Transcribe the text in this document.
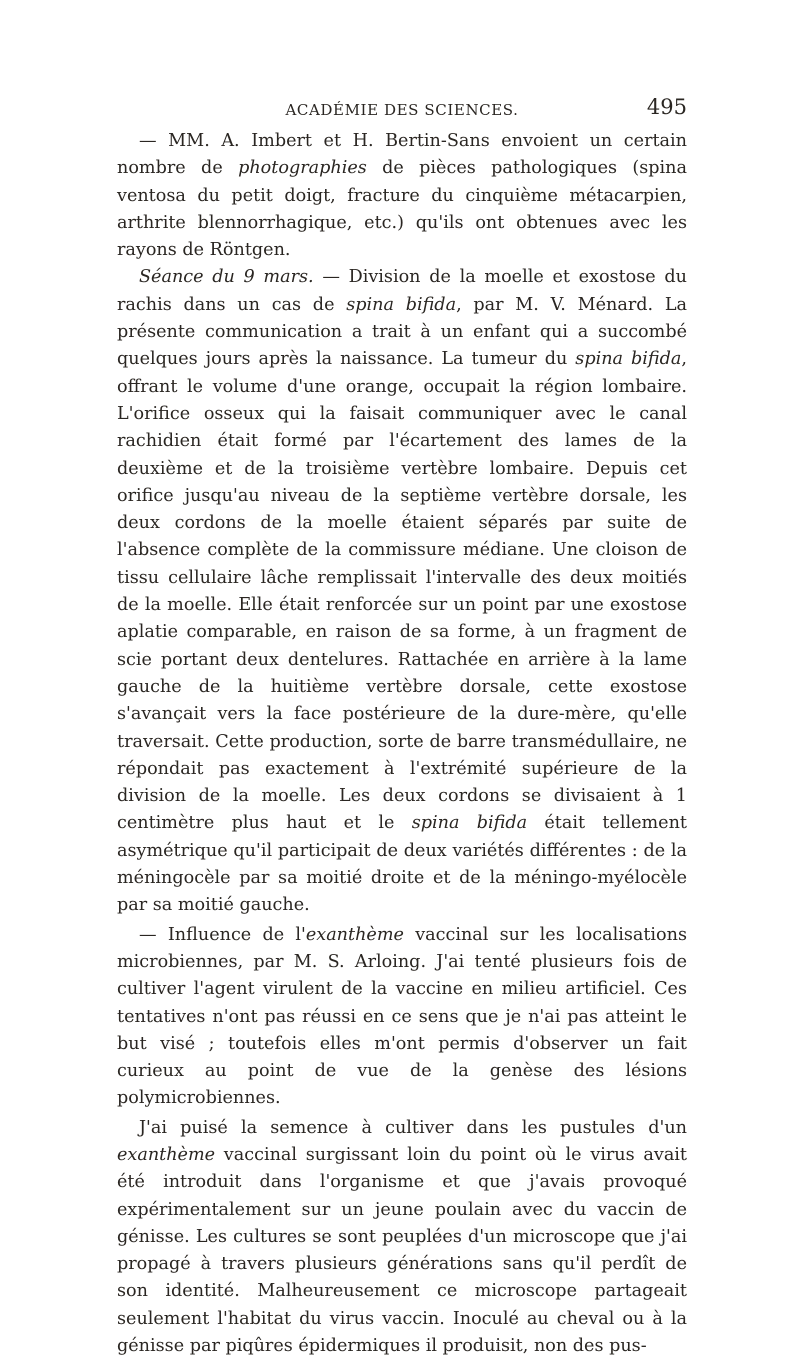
ACADÉMIE DES SCIENCES.	495

— MM. A. Imbert et H. Bertin-Sans envoient un certain nombre de photographies de pièces pathologiques (spina ventosa du petit doigt, fracture du cinquième métacarpien, arthrite blennorrhagique, etc.) qu'ils ont obtenues avec les rayons de Röntgen.

Séance du 9 mars. — Division de la moelle et exostose du rachis dans un cas de spina bifida, par M. V. Ménard. La présente communication a trait à un enfant qui a succombé quelques jours après la naissance. La tumeur du spina bifida, offrant le volume d'une orange, occupait la région lombaire. L'orifice osseux qui la faisait communiquer avec le canal rachidien était formé par l'écartement des lames de la deuxième et de la troisième vertèbre lombaire. Depuis cet orifice jusqu'au niveau de la septième vertèbre dorsale, les deux cordons de la moelle étaient séparés par suite de l'absence complète de la commissure médiane. Une cloison de tissu cellulaire lâche remplissait l'intervalle des deux moitiés de la moelle. Elle était renforcée sur un point par une exostose aplatie comparable, en raison de sa forme, à un fragment de scie portant deux dentelures. Rattachée en arrière à la lame gauche de la huitième vertèbre dorsale, cette exostose s'avançait vers la face postérieure de la dure-mère, qu'elle traversait. Cette production, sorte de barre transmédullaire, ne répondait pas exactement à l'extrémité supérieure de la division de la moelle. Les deux cordons se divisaient à 1 centimètre plus haut et le spina bifida était tellement asymétrique qu'il participait de deux variétés différentes : de la méningocèle par sa moitié droite et de la méningo-myélocèle par sa moitié gauche.

— Influence de l'exanthème vaccinal sur les localisations microbiennes, par M. S. Arloing. J'ai tenté plusieurs fois de cultiver l'agent virulent de la vaccine en milieu artificiel. Ces tentatives n'ont pas réussi en ce sens que je n'ai pas atteint le but visé ; toutefois elles m'ont permis d'observer un fait curieux au point de vue de la genèse des lésions polymicrobiennes.

J'ai puisé la semence à cultiver dans les pustules d'un exanthème vaccinal surgissant loin du point où le virus avait été introduit dans l'organisme et que j'avais provoqué expérimentalement sur un jeune poulain avec du vaccin de génisse. Les cultures se sont peuplées d'un microscope que j'ai propagé à travers plusieurs générations sans qu'il perdît de son identité. Malheureusement ce microscope partageait seulement l'habitat du virus vaccin. Inoculé au cheval ou à la génisse par piqûres épidermiques il produisit, non des pus-
